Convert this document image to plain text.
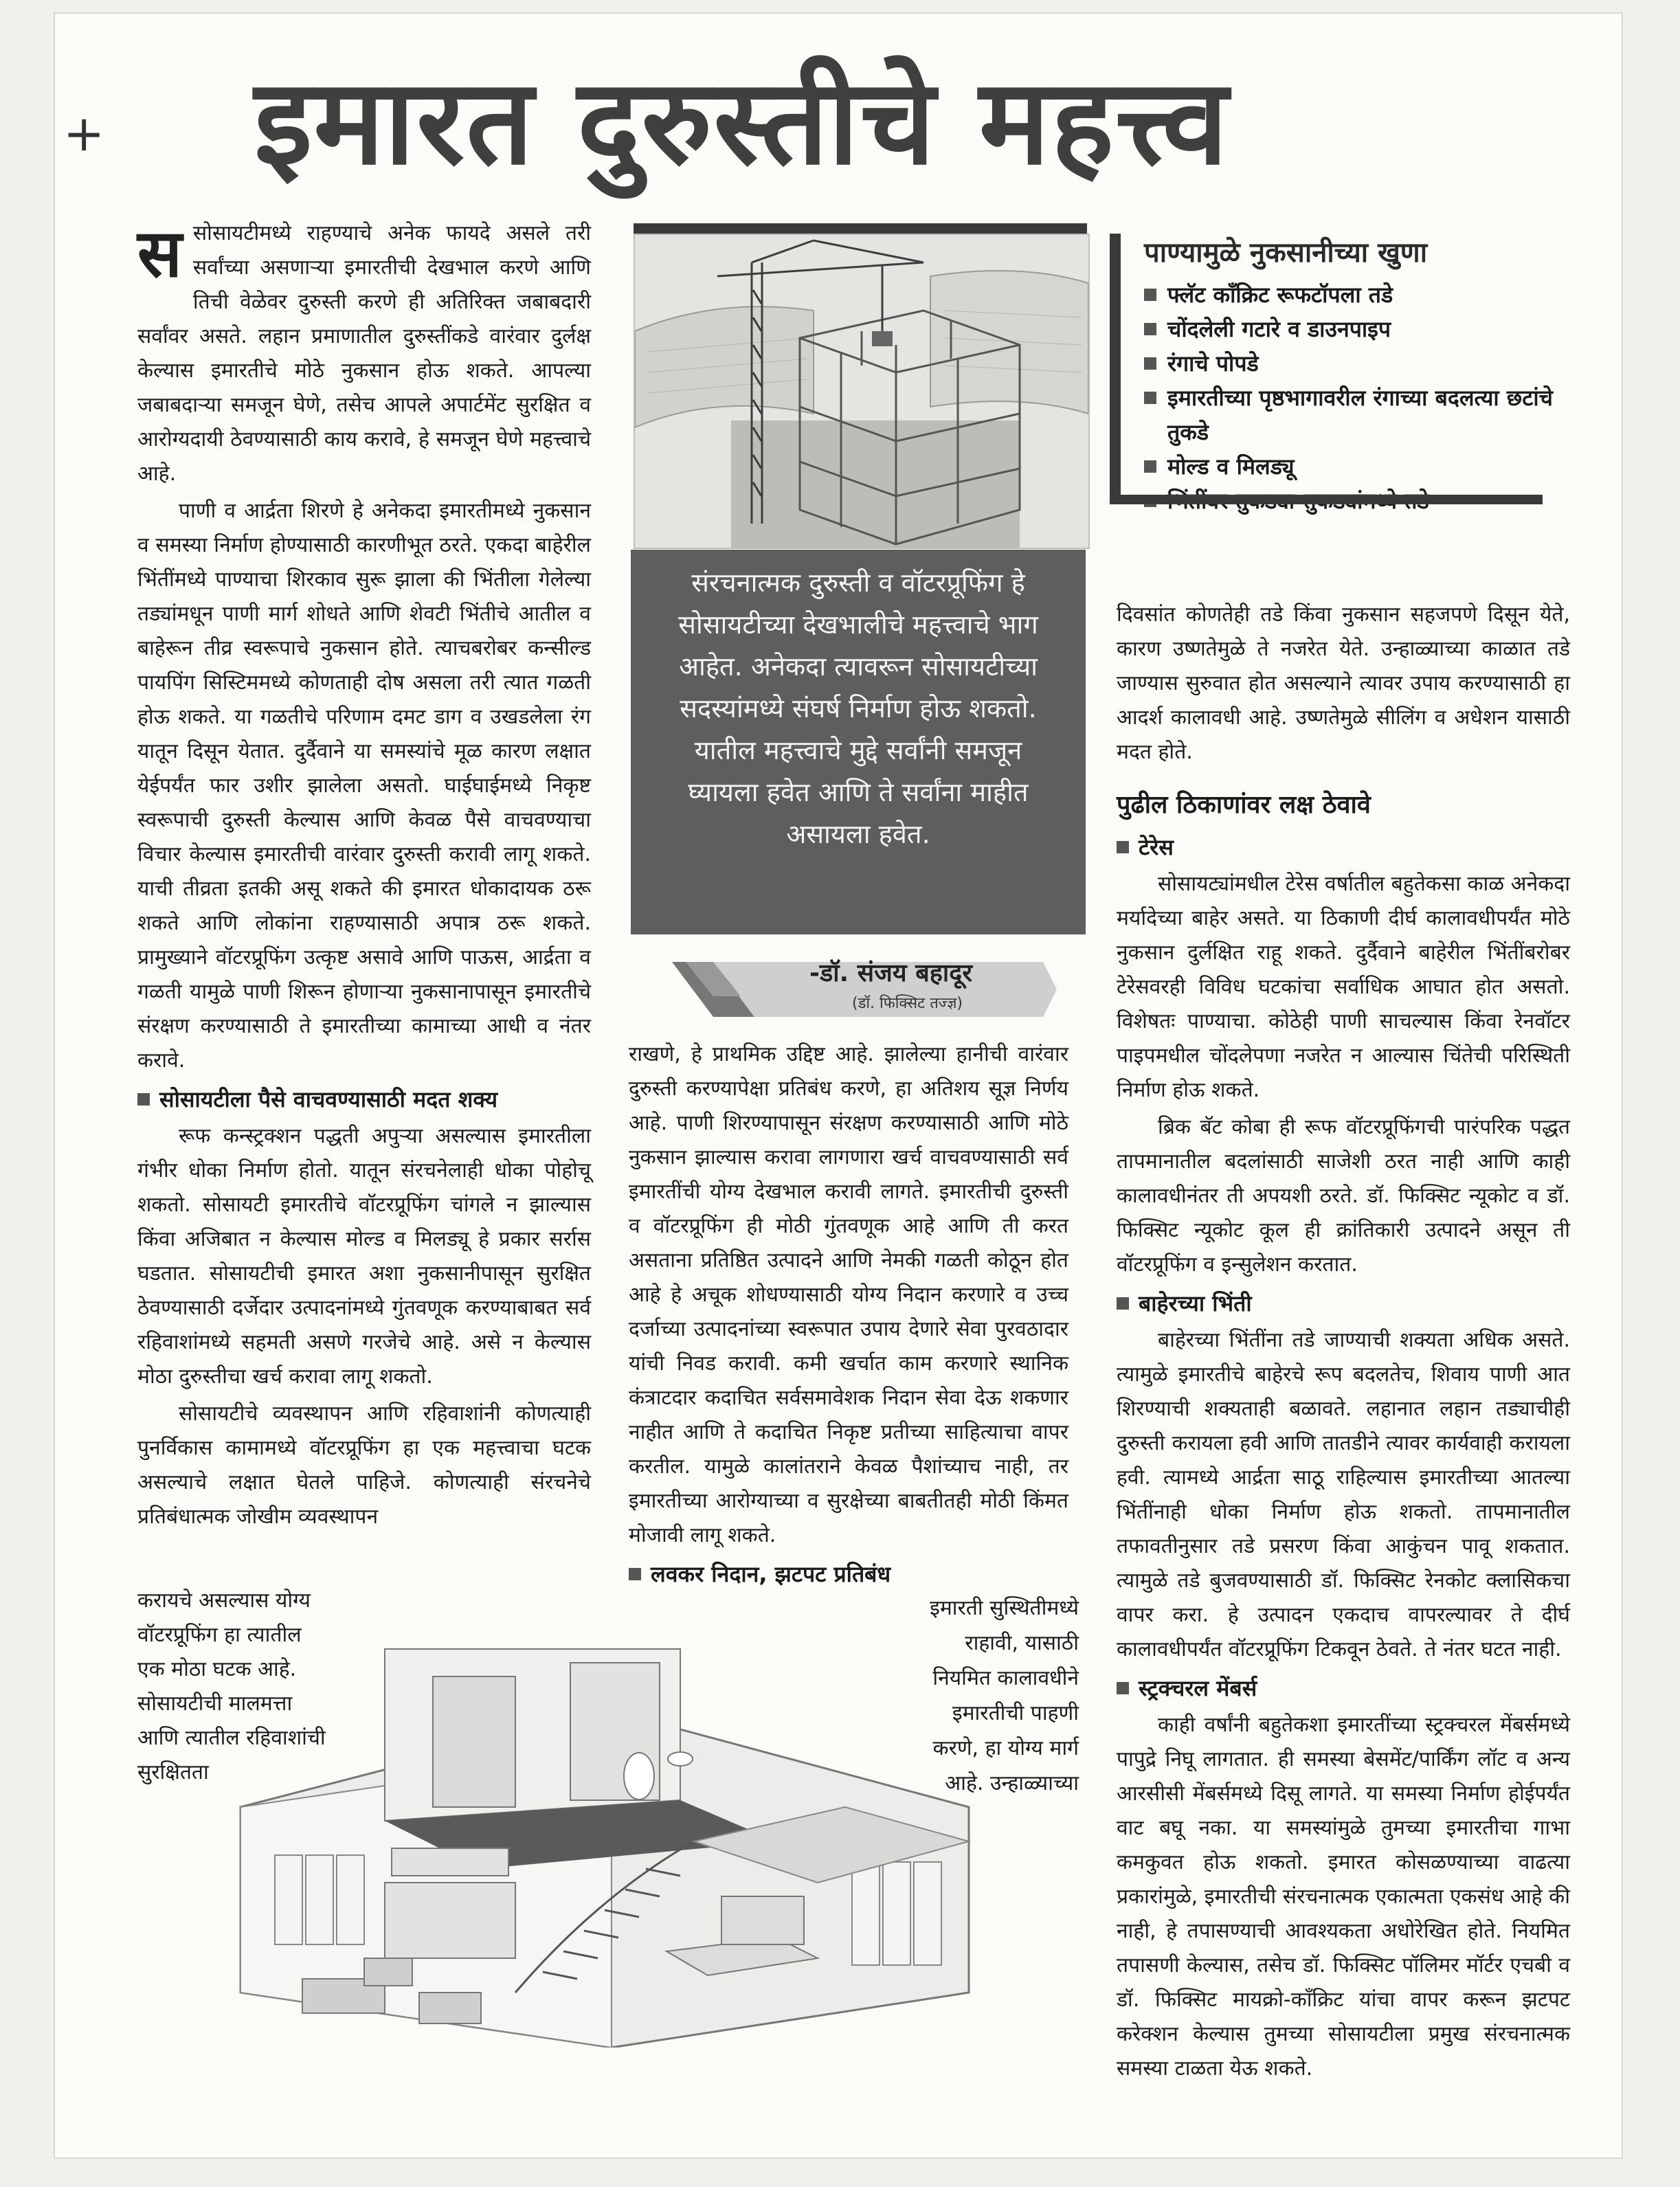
+ इमारत दुरुस्तीचे महत्त्व

स सोसायटीमध्ये राहण्याचे अनेक फायदे असले तरी सर्वांच्या असणाऱ्या इमारतीची देखभाल करणे आणि तिची वेळेवर दुरुस्ती करणे ही अतिरिक्त जबाबदारी सर्वांवर असते. लहान प्रमाणातील दुरुस्तींकडे वारंवार दुर्लक्ष केल्यास इमारतीचे मोठे नुकसान होऊ शकते. आपल्या जबाबदाऱ्या समजून घेणे, तसेच आपले अपार्टमेंट सुरक्षित व आरोग्यदायी ठेवण्यासाठी काय करावे, हे समजून घेणे महत्त्वाचे आहे.

पाणी व आर्द्रता शिरणे हे अनेकदा इमारतीमध्ये नुकसान व समस्या निर्माण होण्यासाठी कारणीभूत ठरते. एकदा बाहेरील भिंतींमध्ये पाण्याचा शिरकाव सुरू झाला की भिंतीला गेलेल्या तड्यांमधून पाणी मार्ग शोधते आणि शेवटी भिंतीचे आतील व बाहेरून तीव्र स्वरूपाचे नुकसान होते. त्याचबरोबर कन्सील्ड पायपिंग सिस्टिममध्ये कोणताही दोष असला तरी त्यात गळती होऊ शकते. या गळतीचे परिणाम दमट डाग व उखडलेला रंग यातून दिसून येतात. दुर्दैवाने या समस्यांचे मूळ कारण लक्षात येईपर्यंत फार उशीर झालेला असतो. घाईघाईमध्ये निकृष्ट स्वरूपाची दुरुस्ती केल्यास आणि केवळ पैसे वाचवण्याचा विचार केल्यास इमारतीची वारंवार दुरुस्ती करावी लागू शकते. याची तीव्रता इतकी असू शकते की इमारत धोकादायक ठरू शकते आणि लोकांना राहण्यासाठी अपात्र ठरू शकते. प्रामुख्याने वॉटरप्रूफिंग उत्कृष्ट असावे आणि पाऊस, आर्द्रता व गळती यामुळे पाणी शिरून होणाऱ्या नुकसानापासून इमारतीचे संरक्षण करण्यासाठी ते इमारतीच्या कामाच्या आधी व नंतर करावे.

सोसायटीला पैसे वाचवण्यासाठी मदत शक्य

रूफ कन्स्ट्रक्शन पद्धती अपुऱ्या असल्यास इमारतीला गंभीर धोका निर्माण होतो. यातून संरचनेलाही धोका पोहोचू शकतो. सोसायटी इमारतीचे वॉटरप्रूफिंग चांगले न झाल्यास किंवा अजिबात न केल्यास मोल्ड व मिलड्यू हे प्रकार सर्रास घडतात. सोसायटीची इमारत अशा नुकसानीपासून सुरक्षित ठेवण्यासाठी दर्जेदार उत्पादनांमध्ये गुंतवणूक करण्याबाबत सर्व रहिवाशांमध्ये सहमती असणे गरजेचे आहे. असे न केल्यास मोठा दुरुस्तीचा खर्च करावा लागू शकतो.

सोसायटीचे व्यवस्थापन आणि रहिवाशांनी कोणत्याही पुनर्विकास कामामध्ये वॉटरप्रूफिंग हा एक महत्त्वाचा घटक असल्याचे लक्षात घेतले पाहिजे. कोणत्याही संरचनेचे प्रतिबंधात्मक जोखीम व्यवस्थापन

करायचे असल्यास योग्य

वॉटरप्रूफिंग हा त्यातील

एक मोठा घटक आहे.

सोसायटीची मालमत्ता

आणि त्यातील रहिवाशांची

सुरक्षितता

संरचनात्मक दुरुस्ती व वॉटरप्रूफिंग हे सोसायटीच्या देखभालीचे महत्त्वाचे भाग आहेत. अनेकदा त्यावरून सोसायटीच्या सदस्यांमध्ये संघर्ष निर्माण होऊ शकतो. यातील महत्त्वाचे मुद्दे सर्वांनी समजून घ्यायला हवेत आणि ते सर्वांना माहीत असायला हवेत.
-डॉ. संजय बहादूर
(डॉ. फिक्सिट तज्ज्ञ)

राखणे, हे प्राथमिक उद्दिष्ट आहे. झालेल्या हानीची वारंवार दुरुस्ती करण्यापेक्षा प्रतिबंध करणे, हा अतिशय सूज्ञ निर्णय आहे. पाणी शिरण्यापासून संरक्षण करण्यासाठी आणि मोठे नुकसान झाल्यास करावा लागणारा खर्च वाचवण्यासाठी सर्व इमारतींची योग्य देखभाल करावी लागते. इमारतीची दुरुस्ती व वॉटरप्रूफिंग ही मोठी गुंतवणूक आहे आणि ती करत असताना प्रतिष्ठित उत्पादने आणि नेमकी गळती कोठून होत आहे हे अचूक शोधण्यासाठी योग्य निदान करणारे व उच्च दर्जाच्या उत्पादनांच्या स्वरूपात उपाय देणारे सेवा पुरवठादार यांची निवड करावी. कमी खर्चात काम करणारे स्थानिक कंत्राटदार कदाचित सर्वसमावेशक निदान सेवा देऊ शकणार नाहीत आणि ते कदाचित निकृष्ट प्रतीच्या साहित्याचा वापर करतील. यामुळे कालांतराने केवळ पैशांच्याच नाही, तर इमारतीच्या आरोग्याच्या व सुरक्षेच्या बाबतीतही मोठी किंमत मोजावी लागू शकते.

लवकर निदान, झटपट प्रतिबंध

इमारती सुस्थितीमध्ये

राहावी, यासाठी

नियमित कालावधीने

इमारतीची पाहणी

करणे, हा योग्य मार्ग

आहे. उन्हाळ्याच्या

पाण्यामुळे नुकसानीच्या खुणा
फ्लॅट कॉंक्रिट रूफटॉपला तडे
चोंदलेली गटारे व डाउनपाइप
रंगाचे पोपडे
इमारतीच्या पृष्ठभागावरील रंगाच्या बदलत्या छटांचे तुकडे
मोल्ड व मिलड्यू

दिवसांत कोणतेही तडे किंवा नुकसान सहजपणे दिसून येते, कारण उष्णतेमुळे ते नजरेत येते. उन्हाळ्याच्या काळात तडे जाण्यास सुरुवात होत असल्याने त्यावर उपाय करण्यासाठी हा आदर्श कालावधी आहे. उष्णतेमुळे सीलिंग व अधेशन यासाठी मदत होते.

पुढील ठिकाणांवर लक्ष ठेवावे
टेरेस

सोसायट्यांमधील टेरेस वर्षातील बहुतेकसा काळ अनेकदा मर्यादेच्या बाहेर असते. या ठिकाणी दीर्घ कालावधीपर्यंत मोठे नुकसान दुर्लक्षित राहू शकते. दुर्दैवाने बाहेरील भिंतींबरोबर टेरेसवरही विविध घटकांचा सर्वाधिक आघात होत असतो. विशेषतः पाण्याचा. कोठेही पाणी साचल्यास किंवा रेनवॉटर पाइपमधील चोंदलेपणा नजरेत न आल्यास चिंतेची परिस्थिती निर्माण होऊ शकते.

ब्रिक बॅट कोबा ही रूफ वॉटरप्रूफिंगची पारंपरिक पद्धत तापमानातील बदलांसाठी साजेशी ठरत नाही आणि काही कालावधीनंतर ती अपयशी ठरते. डॉ. फिक्सिट न्यूकोट व डॉ. फिक्सिट न्यूकोट कूल ही क्रांतिकारी उत्पादने असून ती वॉटरप्रूफिंग व इन्सुलेशन करतात.

बाहेरच्या भिंती

बाहेरच्या भिंतींना तडे जाण्याची शक्यता अधिक असते. त्यामुळे इमारतीचे बाहेरचे रूप बदलतेच, शिवाय पाणी आत शिरण्याची शक्यताही बळावते. लहानात लहान तड्याचीही दुरुस्ती करायला हवी आणि तातडीने त्यावर कार्यवाही करायला हवी. त्यामध्ये आर्द्रता साठू राहिल्यास इमारतीच्या आतल्या भिंतींनाही धोका निर्माण होऊ शकतो. तापमानातील तफावतीनुसार तडे प्रसरण किंवा आकुंचन पावू शकतात. त्यामुळे तडे बुजवण्यासाठी डॉ. फिक्सिट रेनकोट क्लासिकचा वापर करा. हे उत्पादन एकदाच वापरल्यावर ते दीर्घ कालावधीपर्यंत वॉटरप्रूफिंग टिकवून ठेवते. ते नंतर घटत नाही.

स्ट्रक्चरल मेंबर्स

काही वर्षांनी बहुतेकशा इमारतींच्या स्ट्रक्चरल मेंबर्समध्ये पापुद्रे निघू लागतात. ही समस्या बेसमेंट/पार्किंग लॉट व अन्य आरसीसी मेंबर्समध्ये दिसू लागते. या समस्या निर्माण होईपर्यंत वाट बघू नका. या समस्यांमुळे तुमच्या इमारतीचा गाभा कमकुवत होऊ शकतो. इमारत कोसळण्याच्या वाढत्या प्रकारांमुळे, इमारतीची संरचनात्मक एकात्मता एकसंध आहे की नाही, हे तपासण्याची आवश्यकता अधोरेखित होते. नियमित तपासणी केल्यास, तसेच डॉ. फिक्सिट पॉलिमर मॉर्टर एचबी व डॉ. फिक्सिट मायक्रो-कॉंक्रिट यांचा वापर करून झटपट करेक्शन केल्यास तुमच्या सोसायटीला प्रमुख संरचनात्मक समस्या टाळता येऊ शकते.
